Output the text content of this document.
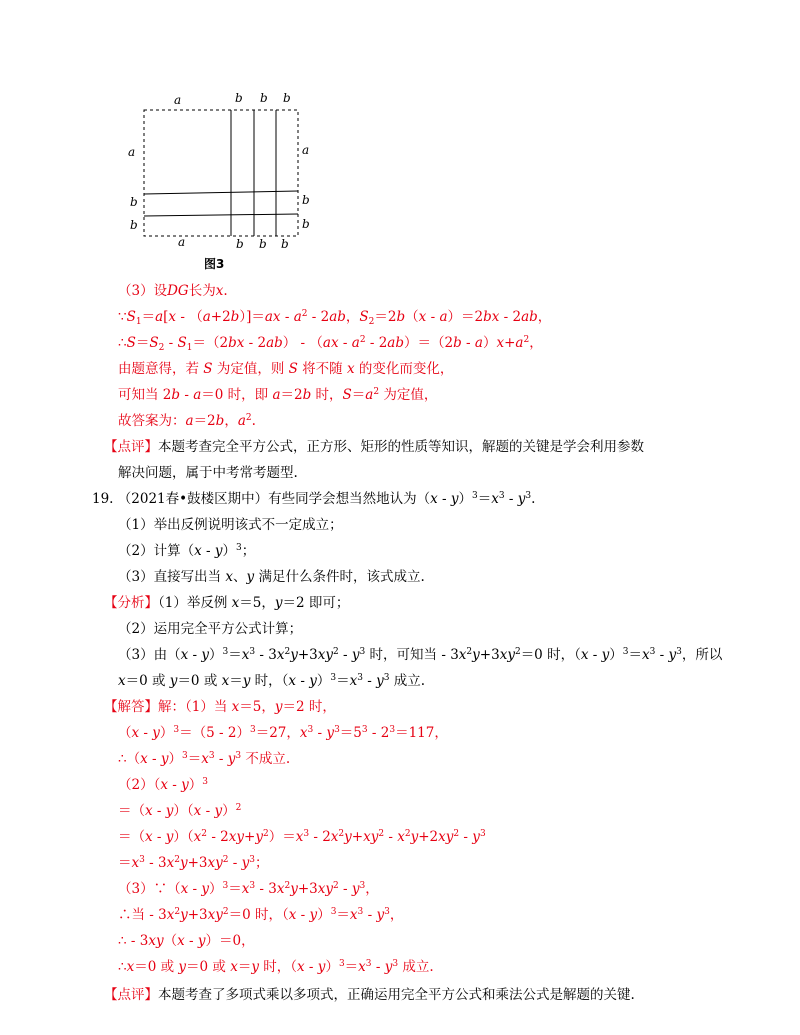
a	b b b
a	b b b
a
b
b
a
b
b
图3
（3）设DG长为x.
$\because S_1=a[x - (a+2b)]=ax - a^2 - 2ab$，$S_2=2b(x - a)=2bx - 2ab$，
$\therefore S=S_2 - S_1=(2bx - 2ab) - (ax - a^2 - 2ab)=(2b - a)x+a^2$，
由题意得，若 S 为定值，则 S 将不随 x 的变化而变化，
可知当 2b - a＝0 时，即 a＝2b 时，$S=a^2$ 为定值，
故答案为：a＝2b，$a^2$.
【点评】本题考查完全平方公式，正方形、矩形的性质等知识，解题的关键是学会利用参数
解决问题，属于中考常考题型.
19. （2021春•鼓楼区期中）有些同学会想当然地认为$(x - y)^3=x^3 - y^3$.
（1）举出反例说明该式不一定成立；
（2）计算（x - y）$^3$；
（3）直接写出当 x、y 满足什么条件时，该式成立.
【分析】（1）举反例 x＝5，y＝2 即可；
（2）运用完全平方公式计算；
（3）由$(x - y)^3=x^3 - 3x^2y+3xy^2 - y^3$ 时，可知当 - $3x^2y+3xy^2=0$ 时，$(x - y)^3=x^3 - y^3$，所以
x＝0 或 y＝0 或 x＝y 时，$(x - y)^3=x^3 - y^3$ 成立.
【解答】解：（1）当 x＝5，y＝2 时，
（x - y）$^3$＝（5 - 2）$^3$＝27，$x^3 - y^3=5^3 - 2^3=117$，
∴（x - $y)^3=x^3 - y^3$ 不成立.
（2）（x - y）$^3$
＝（x - y）（x - y）$^2$
$=(x - y)(x^2 - 2xy+y^2)=x^3 - 2x^2y+xy^2 - x^2y+2xy^2 - y^3$
$=x^3 - 3x^2y+3xy^2 - y^3$；
（3）∵（x - $y)^3=x^3 - 3x^2y+3xy^2 - y^3$，
∴当 - $3x^2y+3xy^2=0$ 时，$(x - y)^3=x^3 - y^3$，
∴ - 3xy（x - y）＝0，
∴x＝0 或 y＝0 或 x＝y 时，$(x - y)^3=x^3 - y^3$ 成立.
【点评】本题考查了多项式乘以多项式，正确运用完全平方公式和乘法公式是解题的关键.
